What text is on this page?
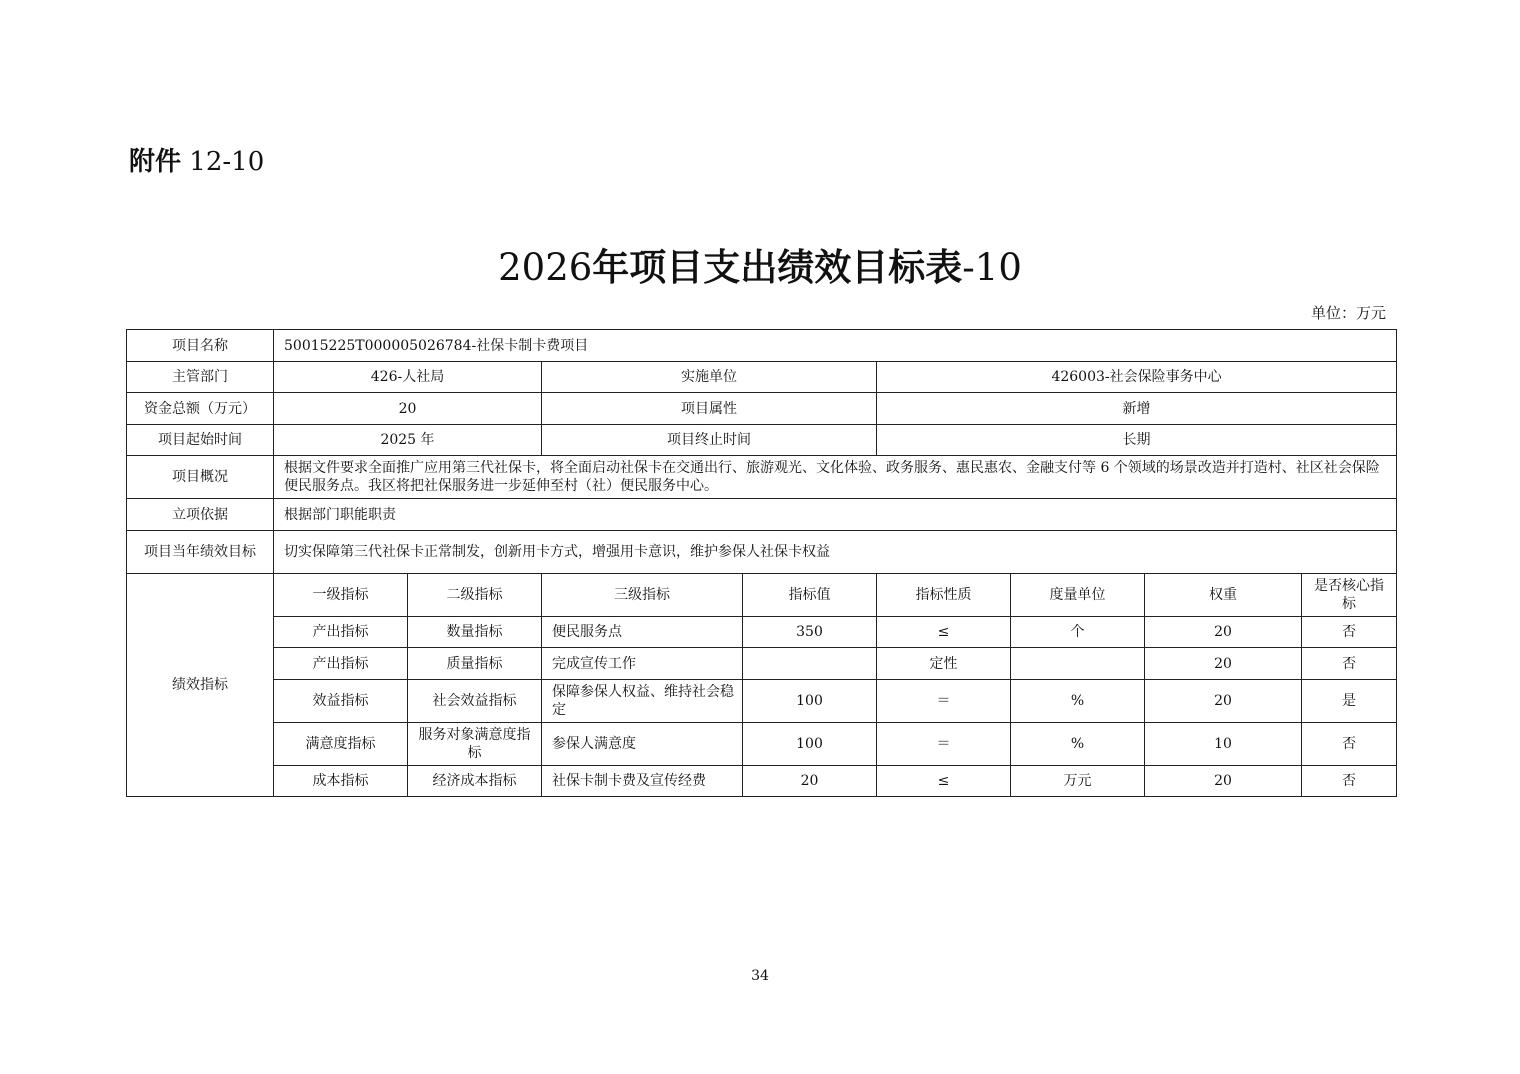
附件 12-10
2026年项目支出绩效目标表-10
单位：万元
项目名称	50015225T000005026784-社保卡制卡费项目							
主管部门	426-人社局		实施单位		426003-社会保险事务中心			
资金总额（万元）	20		项目属性		新增			
项目起始时间	2025 年		项目终止时间		长期			
项目概况	根据文件要求全面推广应用第三代社保卡，将全面启动社保卡在交通出行、旅游观光、文化体验、政务服务、惠民惠农、金融支付等 6 个领域的场景改造并打造村、社区社会保险便民服务点。我区将把社保服务进一步延伸至村（社）便民服务中心。							
立项依据	根据部门职能职责							
项目当年绩效目标	切实保障第三代社保卡正常制发，创新用卡方式，增强用卡意识，维护参保人社保卡权益							
绩效指标	一级指标	二级指标	三级指标	指标值	指标性质	度量单位	权重	是否核心指标
	产出指标	数量指标	便民服务点	350	≤	个	20	否
	产出指标	质量指标	完成宣传工作		定性		20	否
	效益指标	社会效益指标	保障参保人权益、维持社会稳定	100	＝	%	20	是
	满意度指标	服务对象满意度指标	参保人满意度	100	＝	%	10	否
	成本指标	经济成本指标	社保卡制卡费及宣传经费	20	≤	万元	20	否
34
